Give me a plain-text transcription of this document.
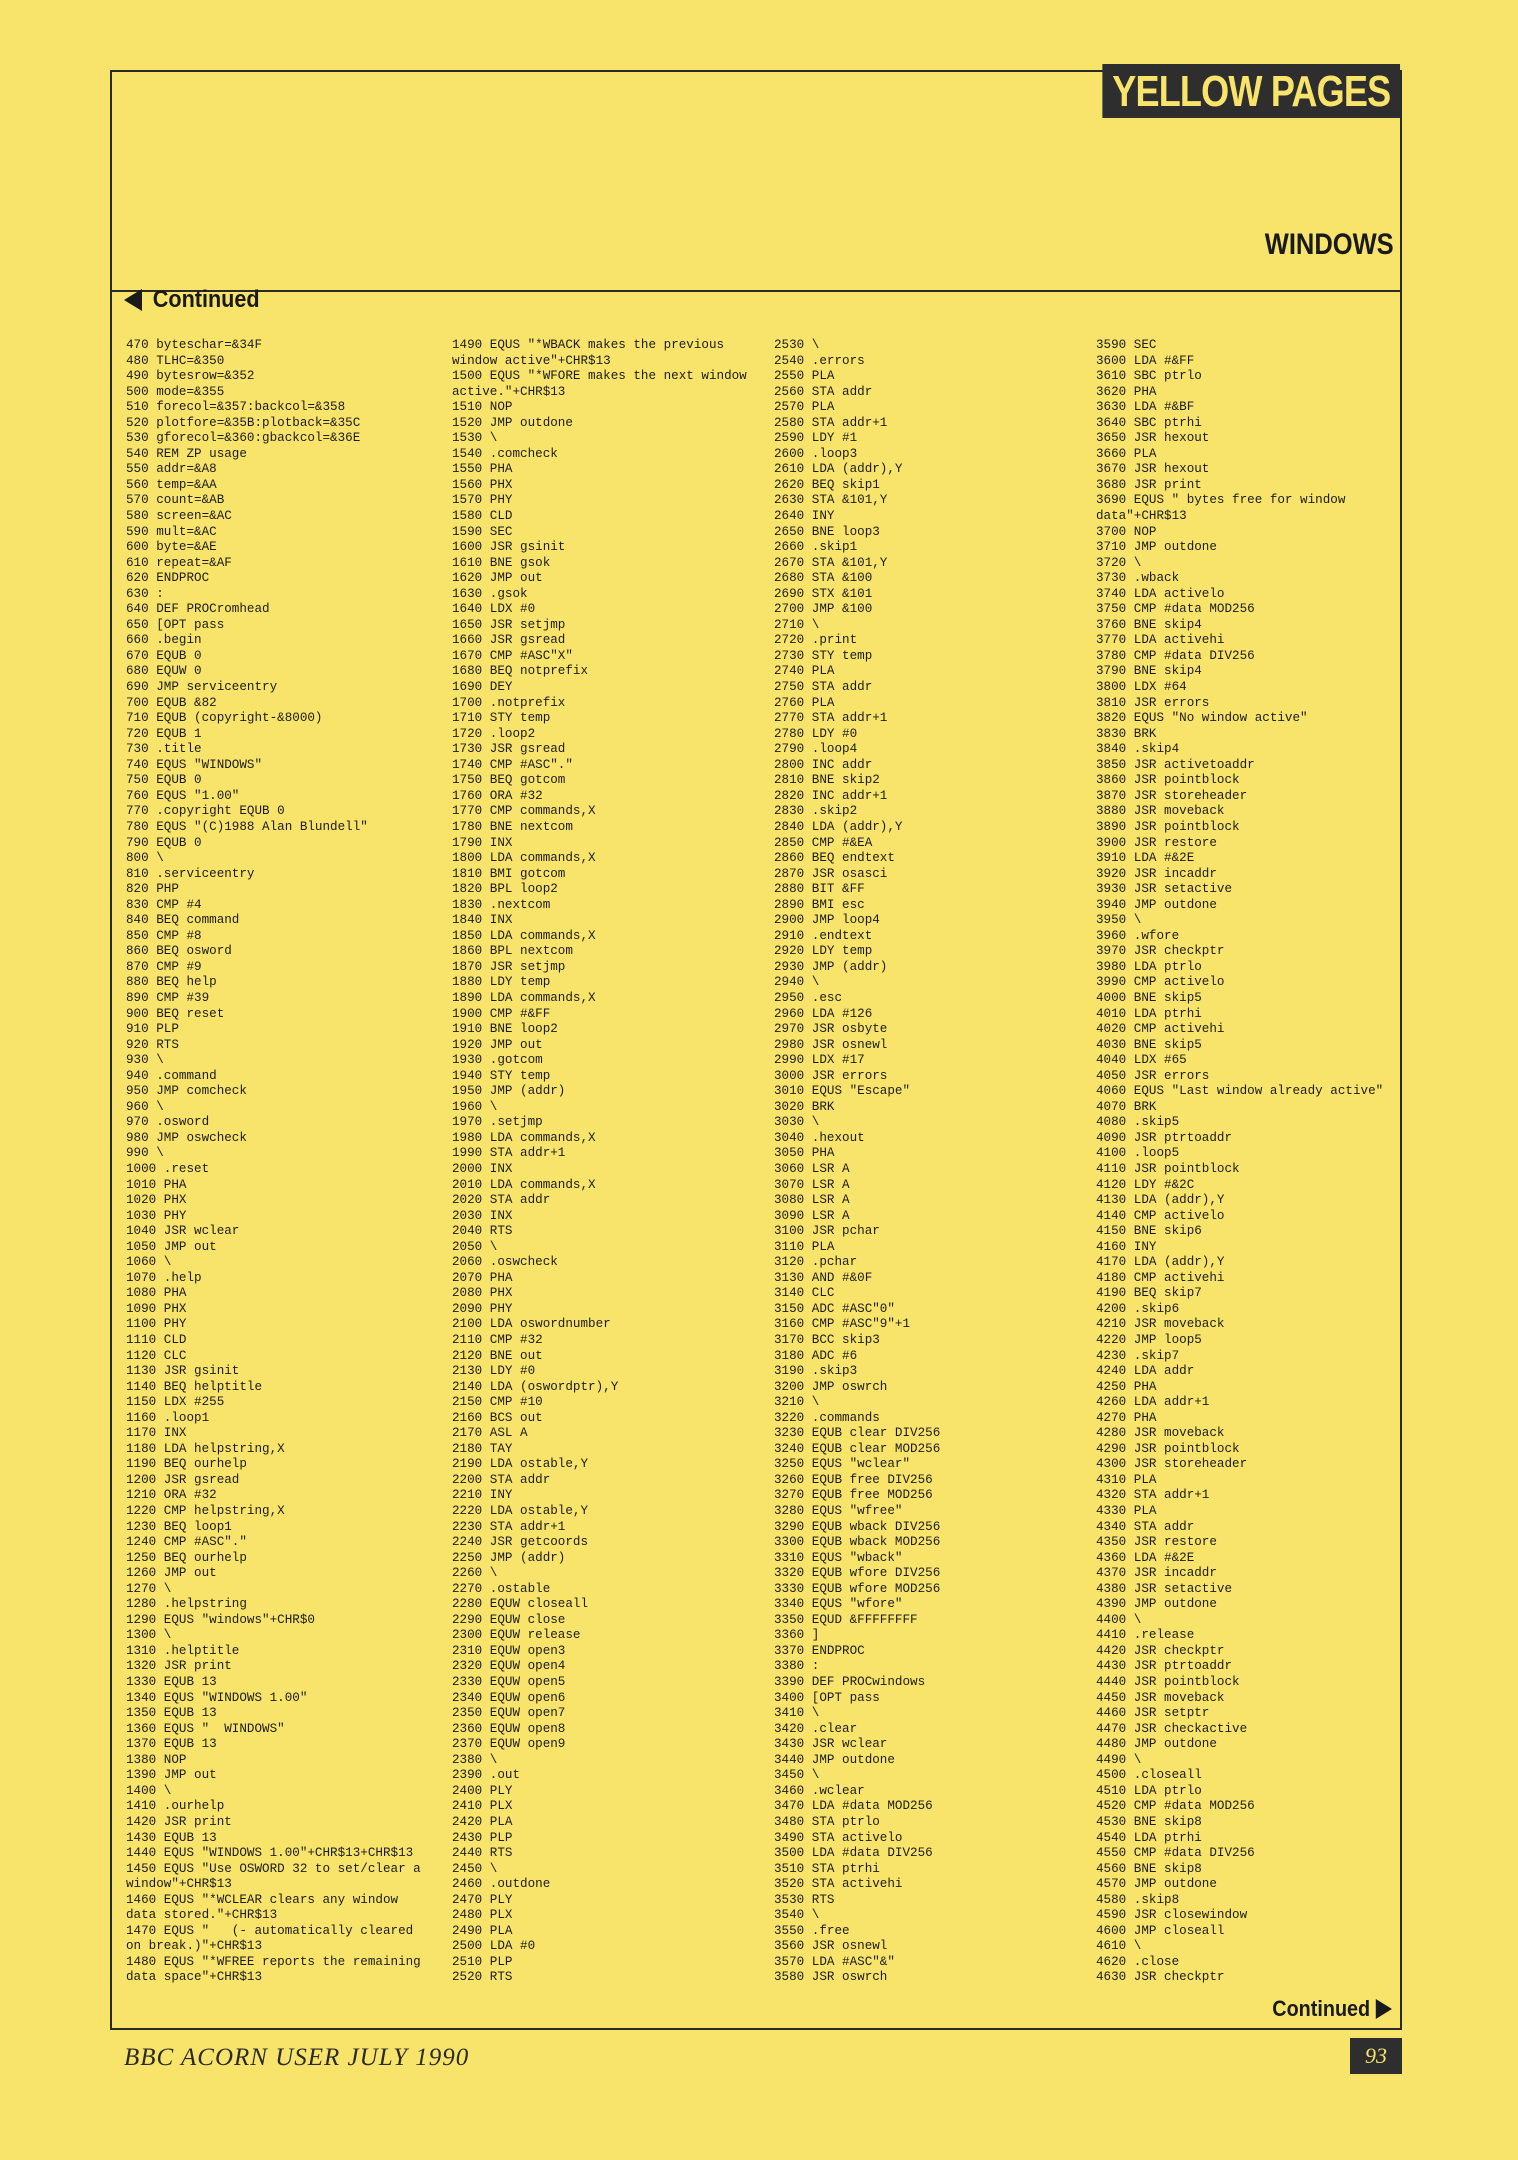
YELLOW PAGES
WINDOWS
Continued
470 byteschar=&34F
480 TLHC=&350
490 bytesrow=&352
500 mode=&355
510 forecol=&357:backcol=&358
520 plotfore=&35B:plotback=&35C
530 gforecol=&360:gbackcol=&36E
540 REM ZP usage
550 addr=&A8
560 temp=&AA
570 count=&AB
580 screen=&AC
590 mult=&AC
600 byte=&AE
610 repeat=&AF
620 ENDPROC
630 :
640 DEF PROCromhead
650 [OPT pass
660 .begin
670 EQUB 0
680 EQUW 0
690 JMP serviceentry
700 EQUB &82
710 EQUB (copyright-&8000)
720 EQUB 1
730 .title
740 EQUS "WINDOWS"
750 EQUB 0
760 EQUS "1.00"
770 .copyright EQUB 0
780 EQUS "(C)1988 Alan Blundell"
790 EQUB 0
800 \
810 .serviceentry
820 PHP
830 CMP #4
840 BEQ command
850 CMP #8
860 BEQ osword
870 CMP #9
880 BEQ help
890 CMP #39
900 BEQ reset
910 PLP
920 RTS
930 \
940 .command
950 JMP comcheck
960 \
970 .osword
980 JMP oswcheck
990 \
1000 .reset
1010 PHA
1020 PHX
1030 PHY
1040 JSR wclear
1050 JMP out
1060 \
1070 .help
1080 PHA
1090 PHX
1100 PHY
1110 CLD
1120 CLC
1130 JSR gsinit
1140 BEQ helptitle
1150 LDX #255
1160 .loop1
1170 INX
1180 LDA helpstring,X
1190 BEQ ourhelp
1200 JSR gsread
1210 ORA #32
1220 CMP helpstring,X
1230 BEQ loop1
1240 CMP #ASC"."
1250 BEQ ourhelp
1260 JMP out
1270 \
1280 .helpstring
1290 EQUS "windows"+CHR$0
1300 \
1310 .helptitle
1320 JSR print
1330 EQUB 13
1340 EQUS "WINDOWS 1.00"
1350 EQUB 13
1360 EQUS "  WINDOWS"
1370 EQUB 13
1380 NOP
1390 JMP out
1400 \
1410 .ourhelp
1420 JSR print
1430 EQUB 13
1440 EQUS "WINDOWS 1.00"+CHR$13+CHR$13
1450 EQUS "Use OSWORD 32 to set/clear a window"+CHR$13
1460 EQUS "*WCLEAR clears any window data stored."+CHR$13
1470 EQUS "   (- automatically cleared on break.)"+CHR$13
1480 EQUS "*WFREE reports the remaining data space"+CHR$13
1490 EQUS "*WBACK makes the previous window active"+CHR$13
1500 EQUS "*WFORE makes the next window active."+CHR$13
1510 NOP
1520 JMP outdone
1530 \
1540 .comcheck
1550 PHA
1560 PHX
1570 PHY
1580 CLD
1590 SEC
1600 JSR gsinit
1610 BNE gsok
1620 JMP out
1630 .gsok
1640 LDX #0
1650 JSR setjmp
1660 JSR gsread
1670 CMP #ASC"X"
1680 BEQ notprefix
1690 DEY
1700 .notprefix
1710 STY temp
1720 .loop2
1730 JSR gsread
1740 CMP #ASC"."
1750 BEQ gotcom
1760 ORA #32
1770 CMP commands,X
1780 BNE nextcom
1790 INX
1800 LDA commands,X
1810 BMI gotcom
1820 BPL loop2
1830 .nextcom
1840 INX
1850 LDA commands,X
1860 BPL nextcom
1870 JSR setjmp
1880 LDY temp
1890 LDA commands,X
1900 CMP #&FF
1910 BNE loop2
1920 JMP out
1930 .gotcom
1940 STY temp
1950 JMP (addr)
1960 \
1970 .setjmp
1980 LDA commands,X
1990 STA addr+1
2000 INX
2010 LDA commands,X
2020 STA addr
2030 INX
2040 RTS
2050 \
2060 .oswcheck
2070 PHA
2080 PHX
2090 PHY
2100 LDA oswordnumber
2110 CMP #32
2120 BNE out
2130 LDY #0
2140 LDA (oswordptr),Y
2150 CMP #10
2160 BCS out
2170 ASL A
2180 TAY
2190 LDA ostable,Y
2200 STA addr
2210 INY
2220 LDA ostable,Y
2230 STA addr+1
2240 JSR getcoords
2250 JMP (addr)
2260 \
2270 .ostable
2280 EQUW closeall
2290 EQUW close
2300 EQUW release
2310 EQUW open3
2320 EQUW open4
2330 EQUW open5
2340 EQUW open6
2350 EQUW open7
2360 EQUW open8
2370 EQUW open9
2380 \
2390 .out
2400 PLY
2410 PLX
2420 PLA
2430 PLP
2440 RTS
2450 \
2460 .outdone
2470 PLY
2480 PLX
2490 PLA
2500 LDA #0
2510 PLP
2520 RTS
2530 \
2540 .errors
2550 PLA
2560 STA addr
2570 PLA
2580 STA addr+1
2590 LDY #1
2600 .loop3
2610 LDA (addr),Y
2620 BEQ skip1
2630 STA &101,Y
2640 INY
2650 BNE loop3
2660 .skip1
2670 STA &101,Y
2680 STA &100
2690 STX &101
2700 JMP &100
2710 \
2720 .print
2730 STY temp
2740 PLA
2750 STA addr
2760 PLA
2770 STA addr+1
2780 LDY #0
2790 .loop4
2800 INC addr
2810 BNE skip2
2820 INC addr+1
2830 .skip2
2840 LDA (addr),Y
2850 CMP #&EA
2860 BEQ endtext
2870 JSR osasci
2880 BIT &FF
2890 BMI esc
2900 JMP loop4
2910 .endtext
2920 LDY temp
2930 JMP (addr)
2940 \
2950 .esc
2960 LDA #126
2970 JSR osbyte
2980 JSR osnewl
2990 LDX #17
3000 JSR errors
3010 EQUS "Escape"
3020 BRK
3030 \
3040 .hexout
3050 PHA
3060 LSR A
3070 LSR A
3080 LSR A
3090 LSR A
3100 JSR pchar
3110 PLA
3120 .pchar
3130 AND #&0F
3140 CLC
3150 ADC #ASC"0"
3160 CMP #ASC"9"+1
3170 BCC skip3
3180 ADC #6
3190 .skip3
3200 JMP oswrch
3210 \
3220 .commands
3230 EQUB clear DIV256
3240 EQUB clear MOD256
3250 EQUS "wclear"
3260 EQUB free DIV256
3270 EQUB free MOD256
3280 EQUS "wfree"
3290 EQUB wback DIV256
3300 EQUB wback MOD256
3310 EQUS "wback"
3320 EQUB wfore DIV256
3330 EQUB wfore MOD256
3340 EQUS "wfore"
3350 EQUD &FFFFFFFF
3360 ]
3370 ENDPROC
3380 :
3390 DEF PROCwindows
3400 [OPT pass
3410 \
3420 .clear
3430 JSR wclear
3440 JMP outdone
3450 \
3460 .wclear
3470 LDA #data MOD256
3480 STA ptrlo
3490 STA activelo
3500 LDA #data DIV256
3510 STA ptrhi
3520 STA activehi
3530 RTS
3540 \
3550 .free
3560 JSR osnewl
3570 LDA #ASC"&"
3580 JSR oswrch
3590 SEC
3600 LDA #&FF
3610 SBC ptrlo
3620 PHA
3630 LDA #&BF
3640 SBC ptrhi
3650 JSR hexout
3660 PLA
3670 JSR hexout
3680 JSR print
3690 EQUS " bytes free for window data"+CHR$13
3700 NOP
3710 JMP outdone
3720 \
3730 .wback
3740 LDA activelo
3750 CMP #data MOD256
3760 BNE skip4
3770 LDA activehi
3780 CMP #data DIV256
3790 BNE skip4
3800 LDX #64
3810 JSR errors
3820 EQUS "No window active"
3830 BRK
3840 .skip4
3850 JSR activetoaddr
3860 JSR pointblock
3870 JSR storeheader
3880 JSR moveback
3890 JSR pointblock
3900 JSR restore
3910 LDA #&2E
3920 JSR incaddr
3930 JSR setactive
3940 JMP outdone
3950 \
3960 .wfore
3970 JSR checkptr
3980 LDA ptrlo
3990 CMP activelo
4000 BNE skip5
4010 LDA ptrhi
4020 CMP activehi
4030 BNE skip5
4040 LDX #65
4050 JSR errors
4060 EQUS "Last window already active"
4070 BRK
4080 .skip5
4090 JSR ptrtoaddr
4100 .loop5
4110 JSR pointblock
4120 LDY #&2C
4130 LDA (addr),Y
4140 CMP activelo
4150 BNE skip6
4160 INY
4170 LDA (addr),Y
4180 CMP activehi
4190 BEQ skip7
4200 .skip6
4210 JSR moveback
4220 JMP loop5
4230 .skip7
4240 LDA addr
4250 PHA
4260 LDA addr+1
4270 PHA
4280 JSR moveback
4290 JSR pointblock
4300 JSR storeheader
4310 PLA
4320 STA addr+1
4330 PLA
4340 STA addr
4350 JSR restore
4360 LDA #&2E
4370 JSR incaddr
4380 JSR setactive
4390 JMP outdone
4400 \
4410 .release
4420 JSR checkptr
4430 JSR ptrtoaddr
4440 JSR pointblock
4450 JSR moveback
4460 JSR setptr
4470 JSR checkactive
4480 JMP outdone
4490 \
4500 .closeall
4510 LDA ptrlo
4520 CMP #data MOD256
4530 BNE skip8
4540 LDA ptrhi
4550 CMP #data DIV256
4560 BNE skip8
4570 JMP outdone
4580 .skip8
4590 JSR closewindow
4600 JMP closeall
4610 \
4620 .close
4630 JSR checkptr
Continued
BBC ACORN USER JULY 1990	93
